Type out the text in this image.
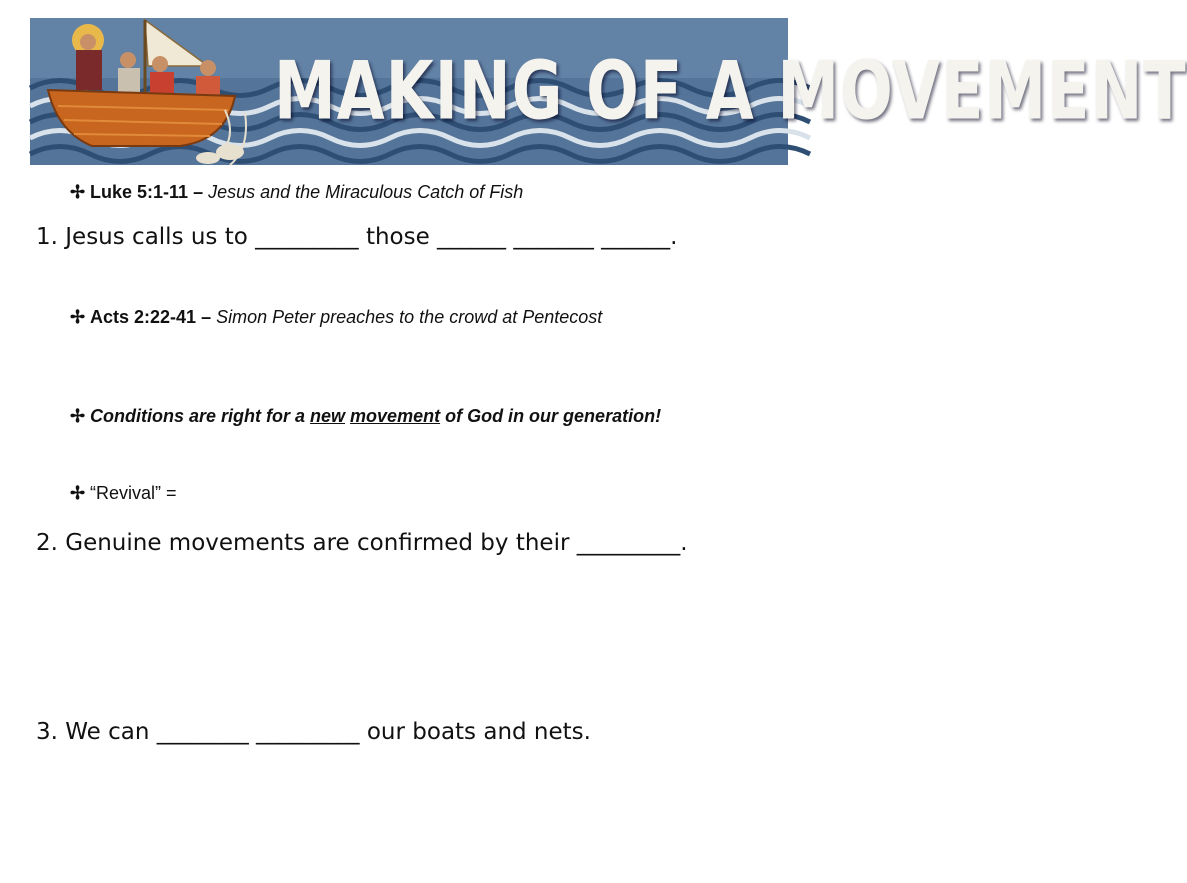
MAKING OF A MOVEMENT
✢ Luke 5:1-11 – Jesus and the Miraculous Catch of Fish
1. Jesus calls us to _________ those ______ _______ ______.
✢ Acts 2:22-41 – Simon Peter preaches to the crowd at Pentecost
✢ Conditions are right for a new movement of God in our generation!
✢ “Revival” =
2. Genuine movements are confirmed by their _________.
3. We can ________ _________ our boats and nets.
